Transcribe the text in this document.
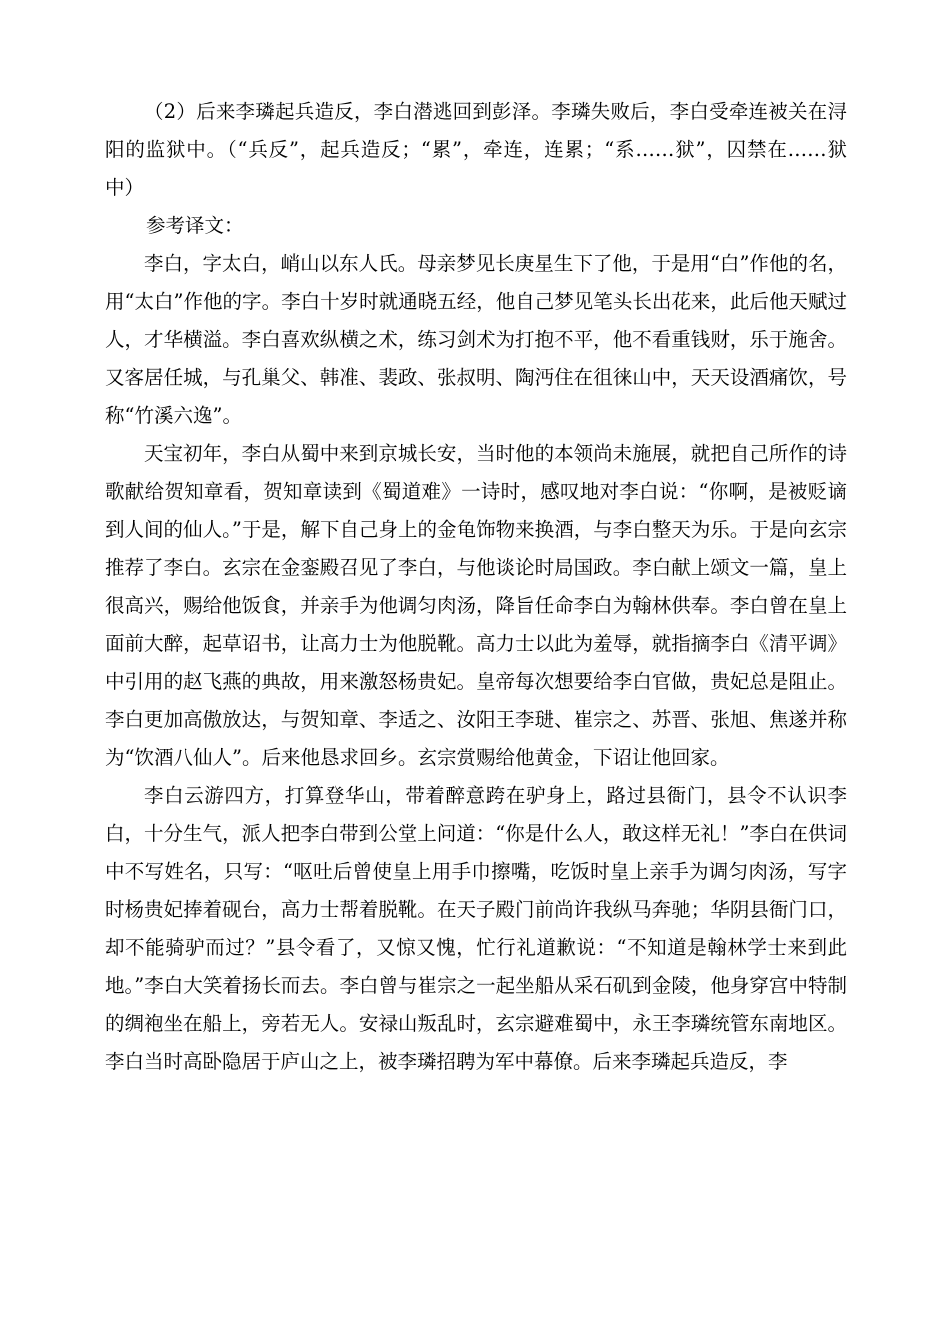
（2）后来李璘起兵造反，李白潜逃回到彭泽。李璘失败后，李白受牵连被关在浔阳的监狱中。（“兵反”，起兵造反；“累”，牵连，连累；“系……狱”，囚禁在……狱中）

参考译文：

李白，字太白，峭山以东人氏。母亲梦见长庚星生下了他，于是用“白”作他的名，用“太白”作他的字。李白十岁时就通晓五经，他自己梦见笔头长出花来，此后他天赋过人，才华横溢。李白喜欢纵横之术，练习剑术为打抱不平，他不看重钱财，乐于施舍。又客居任城，与孔巢父、韩准、裴政、张叔明、陶沔住在徂徕山中，天天设酒痛饮，号称“竹溪六逸”。

天宝初年，李白从蜀中来到京城长安，当时他的本领尚未施展，就把自己所作的诗歌献给贺知章看，贺知章读到《蜀道难》一诗时，感叹地对李白说：“你啊，是被贬谪到人间的仙人。”于是，解下自己身上的金龟饰物来换酒，与李白整天为乐。于是向玄宗推荐了李白。玄宗在金銮殿召见了李白，与他谈论时局国政。李白献上颂文一篇，皇上很高兴，赐给他饭食，并亲手为他调匀肉汤，降旨任命李白为翰林供奉。李白曾在皇上面前大醉，起草诏书，让高力士为他脱靴。高力士以此为羞辱，就指摘李白《清平调》中引用的赵飞燕的典故，用来激怒杨贵妃。皇帝每次想要给李白官做，贵妃总是阻止。李白更加高傲放达，与贺知章、李适之、汝阳王李琎、崔宗之、苏晋、张旭、焦遂并称为“饮酒八仙人”。后来他恳求回乡。玄宗赏赐给他黄金，下诏让他回家。

李白云游四方，打算登华山，带着醉意跨在驴身上，路过县衙门，县令不认识李白，十分生气，派人把李白带到公堂上问道：“你是什么人，敢这样无礼！”李白在供词中不写姓名，只写：“呕吐后曾使皇上用手巾擦嘴，吃饭时皇上亲手为调匀肉汤，写字时杨贵妃捧着砚台，高力士帮着脱靴。在天子殿门前尚许我纵马奔驰；华阴县衙门口，却不能骑驴而过？”县令看了，又惊又愧，忙行礼道歉说：“不知道是翰林学士来到此地。”李白大笑着扬长而去。李白曾与崔宗之一起坐船从采石矶到金陵，他身穿宫中特制的绸袍坐在船上，旁若无人。安禄山叛乱时，玄宗避难蜀中，永王李璘统管东南地区。李白当时高卧隐居于庐山之上，被李璘招聘为军中幕僚。后来李璘起兵造反，李
